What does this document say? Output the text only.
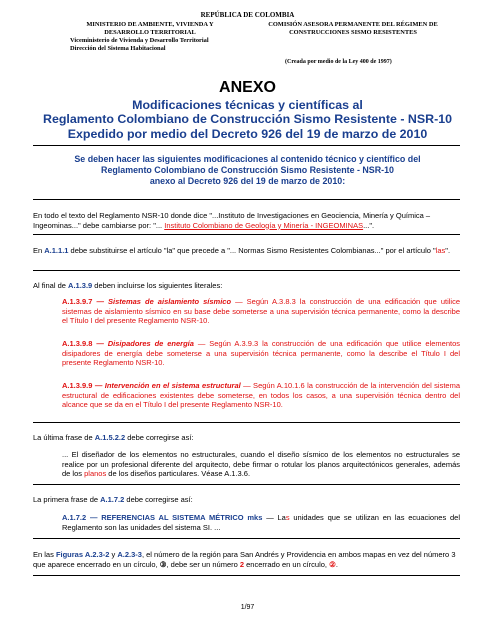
REPÚBLICA DE COLOMBIA
MINISTERIO DE AMBIENTE, VIVIENDA Y
DESARROLLO TERRITORIAL
Viceministerio de Vivienda y Desarrollo Territorial
Dirección del Sistema Habitacional
COMISIÓN ASESORA PERMANENTE DEL RÉGIMEN DE
CONSTRUCCIONES SISMO RESISTENTES
(Creada por medio de la Ley 400 de 1997)
ANEXO
Modificaciones técnicas y científicas al
Reglamento Colombiano de Construcción Sismo Resistente - NSR-10
Expedido por medio del Decreto 926 del 19 de marzo de 2010
Se deben hacer las siguientes modificaciones al contenido técnico y científico del
Reglamento Colombiano de Construcción Sismo Resistente - NSR-10
anexo al Decreto 926 del 19 de marzo de 2010:
En todo el texto del Reglamento NSR-10 donde dice "...Instituto de Investigaciones en Geociencia, Minería y Química – Ingeominas..." debe cambiarse por: "... Instituto Colombiano de Geología y Minería - INGEOMINAS...".
En A.1.1.1 debe substituirse el artículo "la" que precede a "... Normas Sismo Resistentes Colombianas..." por el artículo "las".
Al final de A.1.3.9 deben incluirse los siguientes literales:
A.1.3.9.7 — Sistemas de aislamiento sísmico — Según A.3.8.3 la construcción de una edificación que utilice sistemas de aislamiento sísmico en su base debe someterse a una supervisión técnica permanente, como la describe el Título I del presente Reglamento NSR-10.
A.1.3.9.8 — Disipadores de energía — Según A.3.9.3 la construcción de una edificación que utilice elementos disipadores de energía debe someterse a una supervisión técnica permanente, como la describe el Título I del presente Reglamento NSR-10.
A.1.3.9.9 — Intervención en el sistema estructural — Según A.10.1.6 la construcción de la intervención del sistema estructural de edificaciones existentes debe someterse, en todos los casos, a una supervisión técnica dentro del alcance que se da en el Título I del presente Reglamento NSR-10.
La última frase de A.1.5.2.2 debe corregirse así:
... El diseñador de los elementos no estructurales, cuando el diseño sísmico de los elementos no estructurales se realice por un profesional diferente del arquitecto, debe firmar o rotular los planos arquitectónicos generales, además de los planos de los diseños particulares. Véase A.1.3.6.
La primera frase de A.1.7.2 debe corregirse así:
A.1.7.2 — REFERENCIAS AL SISTEMA MÉTRICO mks — Las unidades que se utilizan en las ecuaciones del Reglamento son las unidades del sistema SI. ...
En las Figuras A.2.3-2 y A.2.3-3, el número de la región para San Andrés y Providencia en ambos mapas en vez del número 3 que aparece encerrado en un círculo, ③, debe ser un número 2 encerrado en un círculo, ②.
1/97
